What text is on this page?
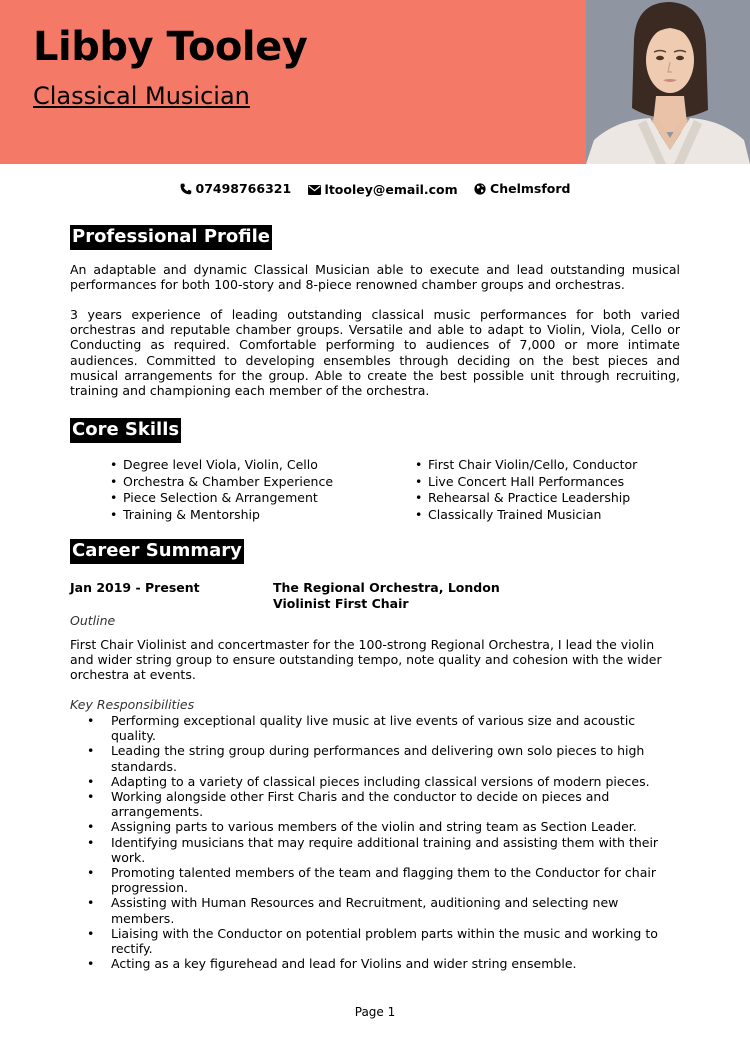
Libby Tooley
Classical Musician
07498766321
	ltooley@email.com
	Chelmsford
Professional Profile
An adaptable and dynamic Classical Musician able to execute and lead outstanding musical performances for both 100-story and 8-piece renowned chamber groups and orchestras.
3 years experience of leading outstanding classical music performances for both varied orchestras and reputable chamber groups. Versatile and able to adapt to Violin, Viola, Cello or Conducting as required. Comfortable performing to audiences of 7,000 or more intimate audiences. Committed to developing ensembles through deciding on the best pieces and musical arrangements for the group. Able to create the best possible unit through recruiting, training and championing each member of the orchestra.
Core Skills
• Degree level Viola, Violin, Cello
• Orchestra & Chamber Experience
• Piece Selection & Arrangement
• Training & Mentorship
• First Chair Violin/Cello, Conductor
• Live Concert Hall Performances
• Rehearsal & Practice Leadership
• Classically Trained Musician
Career Summary
Jan 2019 - Present	The Regional Orchestra, London
Violinist First Chair
Outline
First Chair Violinist and concertmaster for the 100-strong Regional Orchestra, I lead the violin and wider string group to ensure outstanding tempo, note quality and cohesion with the wider orchestra at events.
Key Responsibilities
• Performing exceptional quality live music at live events of various size and acoustic quality.
• Leading the string group during performances and delivering own solo pieces to high standards.
• Adapting to a variety of classical pieces including classical versions of modern pieces.
• Working alongside other First Charis and the conductor to decide on pieces and arrangements.
• Assigning parts to various members of the violin and string team as Section Leader.
• Identifying musicians that may require additional training and assisting them with their work.
• Promoting talented members of the team and flagging them to the Conductor for chair progression.
• Assisting with Human Resources and Recruitment, auditioning and selecting new members.
• Liaising with the Conductor on potential problem parts within the music and working to rectify.
• Acting as a key figurehead and lead for Violins and wider string ensemble.
Page 1
